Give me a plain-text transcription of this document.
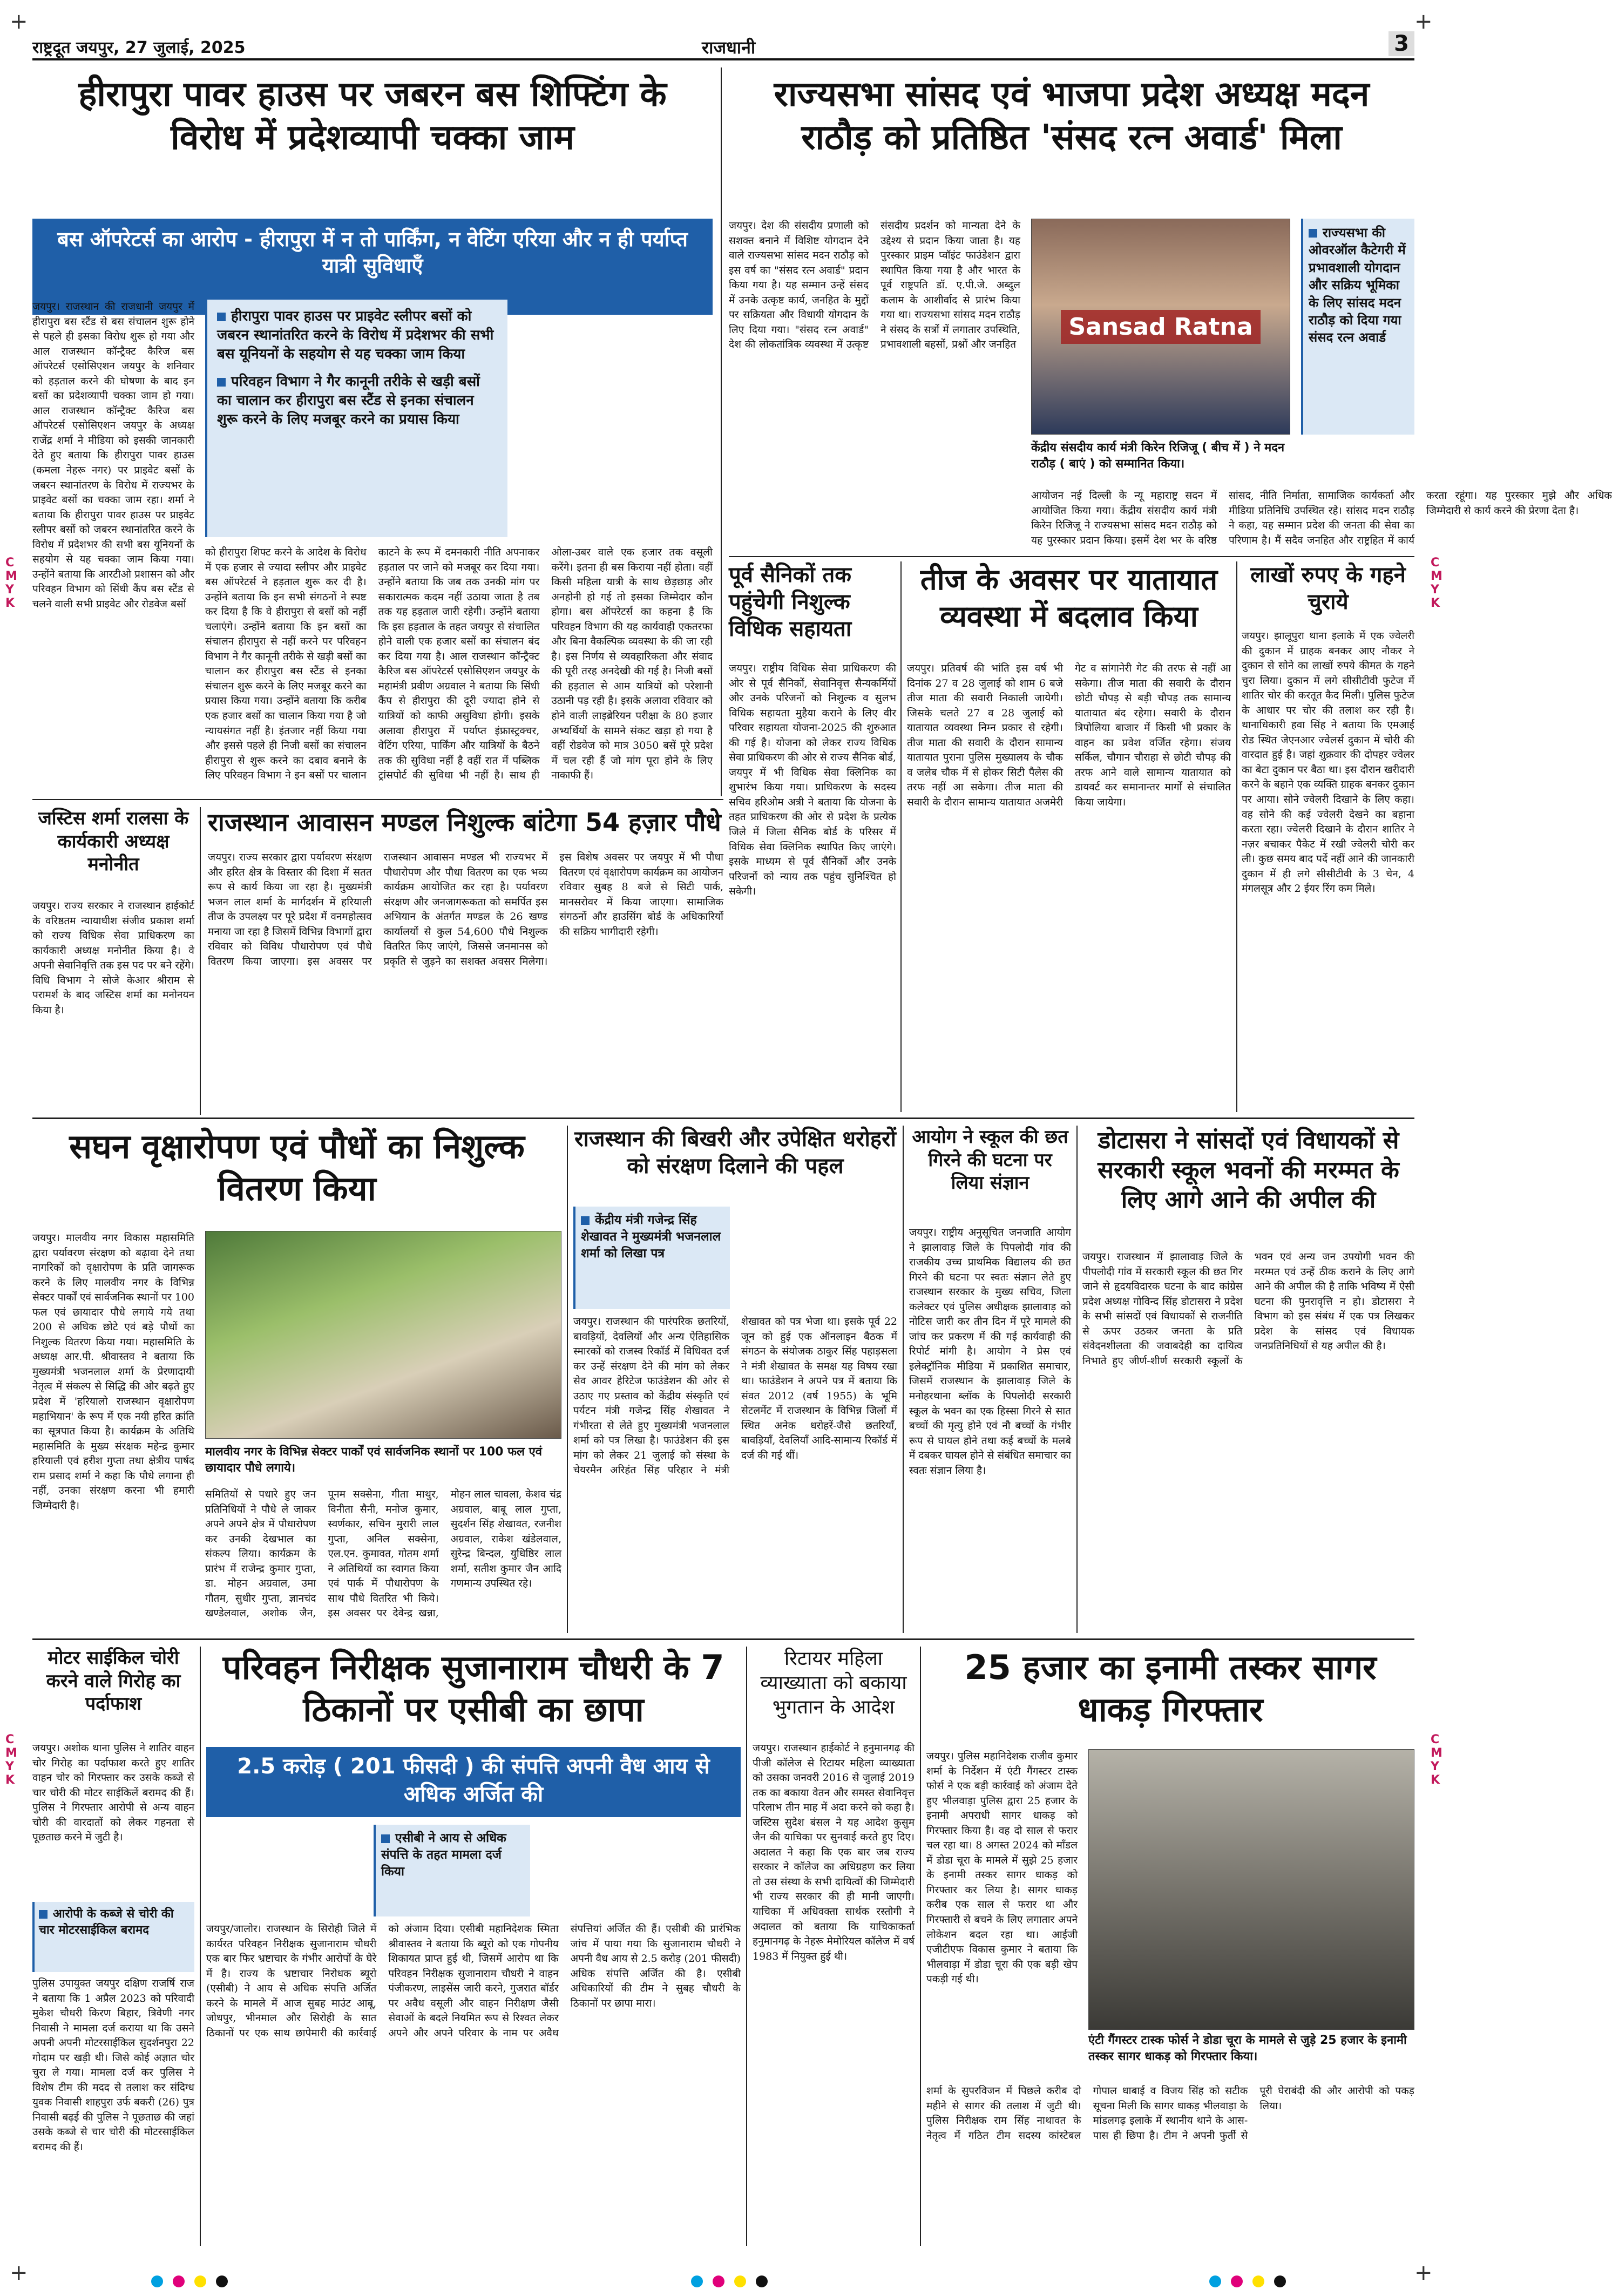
+	+
+	+
C
M
Y
K
C
M
Y
K
C
M
Y
K
C
M
Y
K
राष्ट्रदूत जयपुर, 27 जुलाई, 2025	राजधानी	3
हीरापुरा पावर हाउस पर जबरन बस शिफ्टिंग के विरोध में प्रदेशव्यापी चक्का जाम
बस ऑपरेटर्स का आरोप - हीरापुरा में न तो पार्किंग, न वेटिंग एरिया और न ही पर्याप्त यात्री सुविधाएँ
जयपुर। राजस्थान की राजधानी जयपुर में हीरापुरा बस स्टैंड से बस संचालन शुरू होने से पहले ही इसका विरोध शुरू हो गया और आल राजस्थान कॉन्ट्रैक्ट कैरिज बस ऑपरेटर्स एसोसिएशन जयपुर के शनिवार को हड़ताल करने की घोषणा के बाद इन बसों का प्रदेशव्यापी चक्का जाम हो गया। आल राजस्थान कॉन्ट्रैक्ट कैरिज बस ऑपरेटर्स एसोसिएशन जयपुर के अध्यक्ष राजेंद्र शर्मा ने मीडिया को इसकी जानकारी देते हुए बताया कि हीरापुरा पावर हाउस (कमला नेहरू नगर) पर प्राइवेट बसों के जबरन स्थानांतरण के विरोध में राज्यभर के प्राइवेट बसों का चक्का जाम रहा। शर्मा ने बताया कि हीरापुरा पावर हाउस पर प्राइवेट स्लीपर बसों को जबरन स्थानांतरित करने के विरोध में प्रदेशभर की सभी बस यूनियनों के सहयोग से यह चक्का जाम किया गया। उन्होंने बताया कि आरटीओ प्रशासन को और परिवहन विभाग को सिंधी कैंप बस स्टैंड से चलने वाली सभी प्राइवेट और रोडवेज बसों
हीरापुरा पावर हाउस पर प्राइवेट स्लीपर बसों को जबरन स्थानांतरित करने के विरोध में प्रदेशभर की सभी बस यूनियनों के सहयोग से यह चक्का जाम किया
परिवहन विभाग ने गैर कानूनी तरीके से खड़ी बसों का चालान कर हीरापुरा बस स्टैंड से इनका संचालन शुरू करने के लिए मजबूर करने का प्रयास किया
को हीरापुरा शिफ्ट करने के आदेश के विरोध में एक हजार से ज्यादा स्लीपर और प्राइवेट बस ऑपरेटर्स ने हड़ताल शुरू कर दी है। उन्होंने बताया कि इन सभी संगठनों ने स्पष्ट कर दिया है कि वे हीरापुरा से बसों को नहीं चलाएंगे। उन्होंने बताया कि इन बसों का संचालन हीरापुरा से नहीं करने पर परिवहन विभाग ने गैर कानूनी तरीके से खड़ी बसों का चालान कर हीरापुरा बस स्टैंड से इनका संचालन शुरू करने के लिए मजबूर करने का प्रयास किया गया। उन्होंने बताया कि करीब एक हजार बसों का चालान किया गया है जो न्यायसंगत नहीं है। इंतजार नहीं किया गया और इससे पहले ही निजी बसों का संचालन हीरापुरा से शुरू करने का दबाव बनाने के लिए परिवहन विभाग ने इन बसों पर चालान काटने के रूप में दमनकारी नीति अपनाकर हड़ताल पर जाने को मजबूर कर दिया गया। उन्होंने बताया कि जब तक उनकी मांग पर सकारात्मक कदम नहीं उठाया जाता है तब तक यह हड़ताल जारी रहेगी। उन्होंने बताया कि इस हड़ताल के तहत जयपुर से संचालित होने वाली एक हजार बसों का संचालन बंद कर दिया गया है। आल राजस्थान कॉन्ट्रैक्ट कैरिज बस ऑपरेटर्स एसोसिएशन जयपुर के महामंत्री प्रवीण अग्रवाल ने बताया कि सिंधी कैंप से हीरापुरा की दूरी ज्यादा होने से यात्रियों को काफी असुविधा होगी। इसके अलावा हीरापुरा में पर्याप्त इंफ्रास्ट्रक्चर, वेटिंग एरिया, पार्किंग और यात्रियों के बैठने तक की सुविधा नहीं है वहीं रात में पब्लिक ट्रांसपोर्ट की सुविधा भी नहीं है। साथ ही ओला-उबर वाले एक हजार तक वसूली करेंगे। इतना ही बस किराया नहीं होता। वहीं किसी महिला यात्री के साथ छेड़छाड़ और अनहोनी हो गई तो इसका जिम्मेदार कौन होगा। बस ऑपरेटर्स का कहना है कि परिवहन विभाग की यह कार्यवाही एकतरफा और बिना वैकल्पिक व्यवस्था के की जा रही है। इस निर्णय से व्यवहारिकता और संवाद की पूरी तरह अनदेखी की गई है। निजी बसों की हड़ताल से आम यात्रियों को परेशानी उठानी पड़ रही है। इसके अलावा रविवार को होने वाली लाइब्रेरियन परीक्षा के 80 हजार अभ्यर्थियों के सामने संकट खड़ा हो गया है वहीं रोडवेज को मात्र 3050 बसें पूरे प्रदेश में चल रही हैं जो मांग पूरा होने के लिए नाकाफी हैं।
राज्यसभा सांसद एवं भाजपा प्रदेश अध्यक्ष मदन राठौड़ को प्रतिष्ठित 'संसद रत्न अवार्ड' मिला
जयपुर। देश की संसदीय प्रणाली को सशक्त बनाने में विशिष्ट योगदान देने वाले राज्यसभा सांसद मदन राठौड़ को इस वर्ष का "संसद रत्न अवार्ड" प्रदान किया गया है। यह सम्मान उन्हें संसद में उनके उत्कृष्ट कार्य, जनहित के मुद्दों पर सक्रियता और विधायी योगदान के लिए दिया गया। "संसद रत्न अवार्ड" देश की लोकतांत्रिक व्यवस्था में उत्कृष्ट संसदीय प्रदर्शन को मान्यता देने के उद्देश्य से प्रदान किया जाता है। यह पुरस्कार प्राइम प्वॉइंट फाउंडेशन द्वारा स्थापित किया गया है और भारत के पूर्व राष्ट्रपति डॉ. ए.पी.जे. अब्दुल कलाम के आशीर्वाद से प्रारंभ किया गया था। राज्यसभा सांसद मदन राठौड़ ने संसद के सत्रों में लगातार उपस्थिति, प्रभावशाली बहसों, प्रश्नों और जनहित
Sansad Ratna
केंद्रीय संसदीय कार्य मंत्री किरेन रिजिजू ( बीच में ) ने मदन राठौड़ ( बाएं ) को सम्मानित किया।
आयोजन नई दिल्ली के न्यू महाराष्ट्र सदन में आयोजित किया गया। केंद्रीय संसदीय कार्य मंत्री किरेन रिजिजू ने राज्यसभा सांसद मदन राठौड़ को यह पुरस्कार प्रदान किया। इसमें देश भर के वरिष्ठ सांसद, नीति निर्माता, सामाजिक कार्यकर्ता और मीडिया प्रतिनिधि उपस्थित रहे। सांसद मदन राठौड़ ने कहा, यह सम्मान प्रदेश की जनता की सेवा का परिणाम है। मैं सदैव जनहित और राष्ट्रहित में कार्य करता रहूंगा। यह पुरस्कार मुझे और अधिक जिम्मेदारी से कार्य करने की प्रेरणा देता है।
राज्यसभा की ओवरऑल कैटेगरी में प्रभावशाली योगदान और सक्रिय भूमिका के लिए सांसद मदन राठौड़ को दिया गया संसद रत्न अवार्ड
पूर्व सैनिकों तक पहुंचेगी निशुल्क विधिक सहायता
जयपुर। राष्ट्रीय विधिक सेवा प्राधिकरण की ओर से पूर्व सैनिकों, सेवानिवृत्त सैन्यकर्मियों और उनके परिजनों को निशुल्क व सुलभ विधिक सहायता मुहैया कराने के लिए वीर परिवार सहायता योजना-2025 की शुरुआत की गई है। योजना को लेकर राज्य विधिक सेवा प्राधिकरण की ओर से राज्य सैनिक बोर्ड, जयपुर में भी विधिक सेवा क्लिनिक का शुभारंभ किया गया। प्राधिकरण के सदस्य सचिव हरिओम अत्री ने बताया कि योजना के तहत प्राधिकरण की ओर से प्रदेश के प्रत्येक जिले में जिला सैनिक बोर्ड के परिसर में विधिक सेवा क्लिनिक स्थापित किए जाएंगे। इसके माध्यम से पूर्व सैनिकों और उनके परिजनों को न्याय तक पहुंच सुनिश्चित हो सकेगी।
तीज के अवसर पर यातायात व्यवस्था में बदलाव किया
जयपुर। प्रतिवर्ष की भांति इस वर्ष भी दिनांक 27 व 28 जुलाई को शाम 6 बजे तीज माता की सवारी निकाली जायेगी। जिसके चलते 27 व 28 जुलाई को यातायात व्यवस्था निम्न प्रकार से रहेगी। तीज माता की सवारी के दौरान सामान्य यातायात पुराना पुलिस मुख्यालय के चौक व जलेब चौक में से होकर सिटी पैलेस की तरफ नहीं आ सकेगा। तीज माता की सवारी के दौरान सामान्य यातायात अजमेरी गेट व सांगानेरी गेट की तरफ से नहीं आ सकेगा। तीज माता की सवारी के दौरान छोटी चौपड़ से बड़ी चौपड़ तक सामान्य यातायात बंद रहेगा। सवारी के दौरान त्रिपोलिया बाजार में किसी भी प्रकार के वाहन का प्रवेश वर्जित रहेगा। संजय सर्किल, चौगान चौराहा से छोटी चौपड़ की तरफ आने वाले सामान्य यातायात को डायवर्ट कर समानान्तर मार्गों से संचालित किया जायेगा।
लाखों रुपए के गहने चुराये
जयपुर। झालूपुरा थाना इलाके में एक ज्वेलरी की दुकान में ग्राहक बनकर आए नौकर ने दुकान से सोने का लाखों रुपये कीमत के गहने चुरा लिया। दुकान में लगे सीसीटीवी फुटेज में शातिर चोर की करतूत कैद मिली। पुलिस फुटेज के आधार पर चोर की तलाश कर रही है। थानाधिकारी हवा सिंह ने बताया कि एमआई रोड स्थित जेएनआर ज्वेलर्स दुकान में चोरी की वारदात हुई है। जहां शुक्रवार की दोपहर ज्वेलर का बेटा दुकान पर बैठा था। इस दौरान खरीदारी करने के बहाने एक व्यक्ति ग्राहक बनकर दुकान पर आया। सोने ज्वेलरी दिखाने के लिए कहा। वह सोने की कई ज्वेलरी देखने का बहाना करता रहा। ज्वेलरी दिखाने के दौरान शातिर ने नज़र बचाकर पैकेट में रखी ज्वेलरी चोरी कर ली। कुछ समय बाद पर्दे नहीं आने की जानकारी दुकान में ही लगे सीसीटीवी के 3 चेन, 4 मंगलसूत्र और 2 ईयर रिंग कम मिले।
जस्टिस शर्मा रालसा के कार्यकारी अध्यक्ष मनोनीत
जयपुर। राज्य सरकार ने राजस्थान हाईकोर्ट के वरिष्ठतम न्यायाधीश संजीव प्रकाश शर्मा को राज्य विधिक सेवा प्राधिकरण का कार्यकारी अध्यक्ष मनोनीत किया है। वे अपनी सेवानिवृत्ति तक इस पद पर बने रहेंगे। विधि विभाग ने सोजे केआर श्रीराम से परामर्श के बाद जस्टिस शर्मा का मनोनयन किया है।
राजस्थान आवासन मण्डल निशुल्क बांटेगा 54 हज़ार पौधे
जयपुर। राज्य सरकार द्वारा पर्यावरण संरक्षण और हरित क्षेत्र के विस्तार की दिशा में सतत रूप से कार्य किया जा रहा है। मुख्यमंत्री भजन लाल शर्मा के मार्गदर्शन में हरियाली तीज के उपलक्ष्य पर पूरे प्रदेश में वनमहोत्सव मनाया जा रहा है जिसमें विभिन्न विभागों द्वारा रविवार को विविध पौधारोपण एवं पौधे वितरण किया जाएगा। इस अवसर पर राजस्थान आवासन मण्डल भी राज्यभर में पौधारोपण और पौधा वितरण का एक भव्य कार्यक्रम आयोजित कर रहा है। पर्यावरण संरक्षण और जनजागरूकता को समर्पित इस अभियान के अंतर्गत मण्डल के 26 खण्ड कार्यालयों से कुल 54,600 पौधे निशुल्क वितरित किए जाएंगे, जिससे जनमानस को प्रकृति से जुड़ने का सशक्त अवसर मिलेगा। इस विशेष अवसर पर जयपुर में भी पौधा वितरण एवं वृक्षारोपण कार्यक्रम का आयोजन रविवार सुबह 8 बजे से सिटी पार्क, मानसरोवर में किया जाएगा। सामाजिक संगठनों और हाउसिंग बोर्ड के अधिकारियों की सक्रिय भागीदारी रहेगी।
सघन वृक्षारोपण एवं पौधों का निशुल्क वितरण किया
जयपुर। मालवीय नगर विकास महासमिति द्वारा पर्यावरण संरक्षण को बढ़ावा देने तथा नागरिकों को वृक्षारोपण के प्रति जागरूक करने के लिए मालवीय नगर के विभिन्न सेक्टर पार्कों एवं सार्वजनिक स्थानों पर 100 फल एवं छायादार पौधे लगाये गये तथा 200 से अधिक छोटे एवं बड़े पौधों का निशुल्क वितरण किया गया। महासमिति के अध्यक्ष आर.पी. श्रीवास्तव ने बताया कि मुख्यमंत्री भजनलाल शर्मा के प्रेरणादायी नेतृत्व में संकल्प से सिद्धि की ओर बढ़ते हुए प्रदेश में 'हरियालो राजस्थान वृक्षारोपण महाभियान' के रूप में एक नयी हरित क्रांति का सूत्रपात किया है। कार्यक्रम के अतिथि महासमिति के मुख्य संरक्षक महेन्द्र कुमार हरियाली एवं हरीश गुप्ता तथा क्षेत्रीय पार्षद राम प्रसाद शर्मा ने कहा कि पौधे लगाना ही नहीं, उनका संरक्षण करना भी हमारी जिम्मेदारी है।
मालवीय नगर के विभिन्न सेक्टर पार्कों एवं सार्वजनिक स्थानों पर 100 फल एवं छायादार पौधे लगाये।
समितियों से पधारे हुए जन प्रतिनिधियों ने पौधे ले जाकर अपने अपने क्षेत्र में पौधारोपण कर उनकी देखभाल का संकल्प लिया। कार्यक्रम के प्रारंभ में राजेन्द्र कुमार गुप्ता, डा. मोहन अग्रवाल, उमा गौतम, सुधीर गुप्ता, ज्ञानचंद खण्डेलवाल, अशोक जैन, पूनम सक्सेना, गीता माथुर, विनीता सैनी, मनोज कुमार, स्वर्णकार, सचिन मुरारी लाल गुप्ता, अनिल सक्सेना, एल.एन. कुमावत, गोतम शर्मा ने अतिथियों का स्वागत किया एवं पार्क में पौधारोपण के साथ पौधे वितरित भी किये। इस अवसर पर देवेन्द्र खन्ना, मोहन लाल चावला, केशव चंद्र अग्रवाल, बाबू लाल गुप्ता, सुदर्शन सिंह शेखावत, रजनीश अग्रवाल, राकेश खंडेलवाल, सुरेन्द्र बिन्दल, युधिष्ठिर लाल शर्मा, सतीश कुमार जैन आदि गणमान्य उपस्थित रहे।
राजस्थान की बिखरी और उपेक्षित धरोहरों को संरक्षण दिलाने की पहल
केंद्रीय मंत्री गजेन्द्र सिंह शेखावत ने मुख्यमंत्री भजनलाल शर्मा को लिखा पत्र
जयपुर। राजस्थान की पारंपरिक छतरियों, बावड़ियों, देवलियों और अन्य ऐतिहासिक स्मारकों को राजस्व रिकॉर्ड में विधिवत दर्ज कर उन्हें संरक्षण देने की मांग को लेकर सेव आवर हेरिटेज फाउंडेशन की ओर से उठाए गए प्रस्ताव को केंद्रीय संस्कृति एवं पर्यटन मंत्री गजेन्द्र सिंह शेखावत ने गंभीरता से लेते हुए मुख्यमंत्री भजनलाल शर्मा को पत्र लिखा है। फाउंडेशन की इस मांग को लेकर 21 जुलाई को संस्था के चेयरमैन अरिहंत सिंह परिहार ने मंत्री शेखावत को पत्र भेजा था। इसके पूर्व 22 जून को हुई एक ऑनलाइन बैठक में संगठन के संयोजक ठाकुर सिंह पहाड़सला ने मंत्री शेखावत के समक्ष यह विषय रखा था। फाउंडेशन ने अपने पत्र में बताया कि संवत 2012 (वर्ष 1955) के भूमि सेटलमेंट में राजस्थान के विभिन्न जिलों में स्थित अनेक धरोहरें-जैसे छतरियाँ, बावड़ियाँ, देवलियाँ आदि-सामान्य रिकॉर्ड में दर्ज की गई थीं।
आयोग ने स्कूल की छत गिरने की घटना पर लिया संज्ञान
जयपुर। राष्ट्रीय अनुसूचित जनजाति आयोग ने झालावाड़ जिले के पिपलोदी गांव की राजकीय उच्च प्राथमिक विद्यालय की छत गिरने की घटना पर स्वतः संज्ञान लेते हुए राजस्थान सरकार के मुख्य सचिव, जिला कलेक्टर एवं पुलिस अधीक्षक झालावाड़ को नोटिस जारी कर तीन दिन में पूरे मामले की जांच कर प्रकरण में की गई कार्यवाही की रिपोर्ट मांगी है। आयोग ने प्रेस एवं इलेक्ट्रॉनिक मीडिया में प्रकाशित समाचार, जिसमें राजस्थान के झालावाड़ जिले के मनोहरथाना ब्लॉक के पिपलोदी सरकारी स्कूल के भवन का एक हिस्सा गिरने से सात बच्चों की मृत्यु होने एवं नौ बच्चों के गंभीर रूप से घायल होने तथा कई बच्चों के मलबे में दबकर घायल होने से संबंधित समाचार का स्वतः संज्ञान लिया है।
डोटासरा ने सांसदों एवं विधायकों से सरकारी स्कूल भवनों की मरम्मत के लिए आगे आने की अपील की
जयपुर। राजस्थान में झालावाड़ जिले के पीपलोदी गांव में सरकारी स्कूल की छत गिर जाने से हृदयविदारक घटना के बाद कांग्रेस प्रदेश अध्यक्ष गोविन्द सिंह डोटासरा ने प्रदेश के सभी सांसदों एवं विधायकों से राजनीति से ऊपर उठकर जनता के प्रति संवेदनशीलता की जवाबदेही का दायित्व निभाते हुए जीर्ण-शीर्ण सरकारी स्कूलों के भवन एवं अन्य जन उपयोगी भवन की मरम्मत एवं उन्हें ठीक कराने के लिए आगे आने की अपील की है ताकि भविष्य में ऐसी घटना की पुनरावृत्ति न हो। डोटासरा ने विभाग को इस संबंध में एक पत्र लिखकर प्रदेश के सांसद एवं विधायक जनप्रतिनिधियों से यह अपील की है।
मोटर साईकिल चोरी करने वाले गिरोह का पर्दाफाश
जयपुर। अशोक थाना पुलिस ने शातिर वाहन चोर गिरोह का पर्दाफाश करते हुए शातिर वाहन चोर को गिरफ्तार कर उसके कब्जे से चार चोरी की मोटर साईकिलें बरामद की हैं। पुलिस ने गिरफ्तार आरोपी से अन्य वाहन चोरी की वारदातों को लेकर गहनता से पूछताछ करने में जुटी है।
आरोपी के कब्जे से चोरी की चार मोटरसाईकिल बरामद
पुलिस उपायुक्त जयपुर दक्षिण राजर्षि राज ने बताया कि 1 अप्रैल 2023 को परिवादी मुकेश चौधरी किरण बिहार, त्रिवेणी नगर निवासी ने मामला दर्ज कराया था कि उसने अपनी अपनी मोटरसाईकिल सुदर्शनपुरा 22 गोदाम पर खड़ी थी। जिसे कोई अज्ञात चोर चुरा ले गया। मामला दर्ज कर पुलिस ने विशेष टीम की मदद से तलाश कर संदिग्ध युवक निवासी शाहपुरा उर्फ बकरी (26) पुत्र निवासी बढ़ई की पुलिस ने पूछताछ की जहां उसके कब्जे से चार चोरी की मोटरसाईकिल बरामद की हैं।
परिवहन निरीक्षक सुजानाराम चौधरी के 7 ठिकानों पर एसीबी का छापा
2.5 करोड़ ( 201 फीसदी ) की संपत्ति अपनी वैध आय से अधिक अर्जित की
एसीबी ने आय से अधिक संपत्ति के तहत मामला दर्ज किया
जयपुर/जालोर। राजस्थान के सिरोही जिले में कार्यरत परिवहन निरीक्षक सुजानाराम चौधरी एक बार फिर भ्रष्टाचार के गंभीर आरोपों के घेरे में है। राज्य के भ्रष्टाचार निरोधक ब्यूरो (एसीबी) ने आय से अधिक संपत्ति अर्जित करने के मामले में आज सुबह माउंट आबू, जोधपुर, भीनमाल और सिरोही के सात ठिकानों पर एक साथ छापेमारी की कार्रवाई को अंजाम दिया। एसीबी महानिदेशक स्मिता श्रीवास्तव ने बताया कि ब्यूरो को एक गोपनीय शिकायत प्राप्त हुई थी, जिसमें आरोप था कि परिवहन निरीक्षक सुजानाराम चौधरी ने वाहन पंजीकरण, लाइसेंस जारी करने, गुजरात बॉर्डर पर अवैध वसूली और वाहन निरीक्षण जैसी सेवाओं के बदले नियमित रूप से रिश्वत लेकर अपने और अपने परिवार के नाम पर अवैध संपत्तियां अर्जित की हैं। एसीबी की प्रारंभिक जांच में पाया गया कि सुजानाराम चौधरी ने अपनी वैध आय से 2.5 करोड़ (201 फीसदी) अधिक संपत्ति अर्जित की है। एसीबी अधिकारियों की टीम ने सुबह चौधरी के ठिकानों पर छापा मारा।
रिटायर महिला व्याख्याता को बकाया भुगतान के आदेश
जयपुर। राजस्थान हाईकोर्ट ने हनुमानगढ़ की पीजी कॉलेज से रिटायर महिला व्याख्याता को उसका जनवरी 2016 से जुलाई 2019 तक का बकाया वेतन और समस्त सेवानिवृत्त परिलाभ तीन माह में अदा करने को कहा है। जस्टिस सुदेश बंसल ने यह आदेश कुसुम जैन की याचिका पर सुनवाई करते हुए दिए। अदालत ने कहा कि एक बार जब राज्य सरकार ने कॉलेज का अधिग्रहण कर लिया तो उस संस्था के सभी दायित्वों की जिम्मेदारी भी राज्य सरकार की ही मानी जाएगी। याचिका में अधिवक्ता सार्थक रस्तोगी ने अदालत को बताया कि याचिकाकर्ता हनुमानगढ़ के नेहरू मेमोरियल कॉलेज में वर्ष 1983 में नियुक्त हुई थी।
25 हजार का इनामी तस्कर सागर धाकड़ गिरफ्तार
जयपुर। पुलिस महानिदेशक राजीव कुमार शर्मा के निर्देशन में एंटी गैंगस्टर टास्क फोर्स ने एक बड़ी कार्रवाई को अंजाम देते हुए भीलवाड़ा पुलिस द्वारा 25 हजार के इनामी अपराधी सागर धाकड़ को गिरफ्तार किया है। वह दो साल से फरार चल रहा था। 8 अगस्त 2024 को माँडल में डोडा चूरा के मामले में सुझे 25 हजार के इनामी तस्कर सागर धाकड़ को गिरफ्तार कर लिया है। सागर धाकड़ करीब एक साल से फरार था और गिरफ्तारी से बचने के लिए लगातार अपने लोकेशन बदल रहा था। आईजी एजीटीएफ विकास कुमार ने बताया कि भीलवाड़ा में डोडा चूरा की एक बड़ी खेप पकड़ी गई थी।
एंटी गैंगस्टर टास्क फोर्स ने डोडा चूरा के मामले से जुड़े 25 हजार के इनामी तस्कर सागर धाकड़ को गिरफ्तार किया।
शर्मा के सुपरविजन में पिछले करीब दो महीने से सागर की तलाश में जुटी थी। पुलिस निरीक्षक राम सिंह नाथावत के नेतृत्व में गठित टीम सदस्य कांस्टेबल गोपाल धाबाई व विजय सिंह को सटीक सूचना मिली कि सागर धाकड़ भीलवाड़ा के मांडलगढ़ इलाके में स्थानीय थाने के आस-पास ही छिपा है। टीम ने अपनी फुर्ती से पूरी घेराबंदी की और आरोपी को पकड़ लिया।
